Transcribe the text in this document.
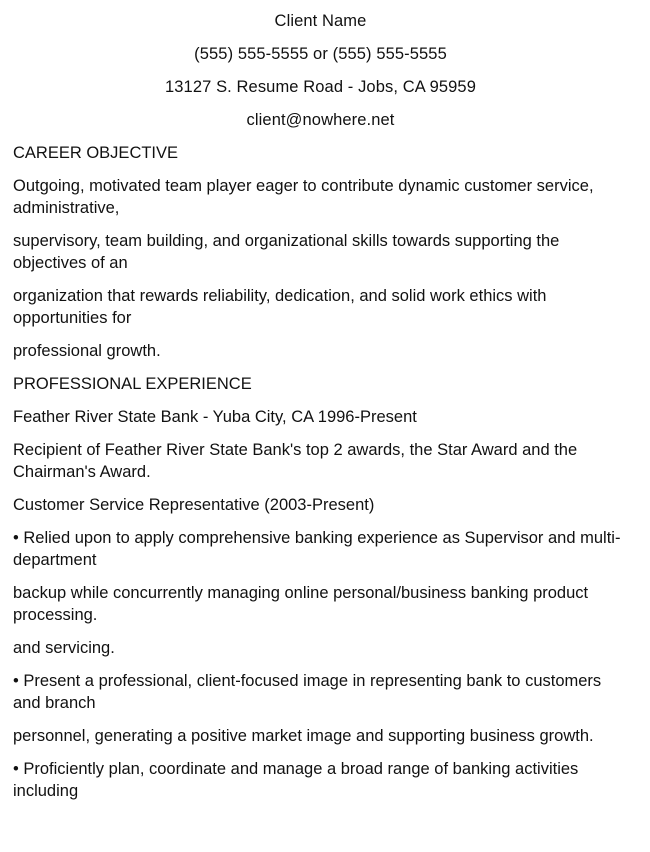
Client Name
(555) 555-5555 or (555) 555-5555
13127 S. Resume Road - Jobs, CA 95959
client@nowhere.net
CAREER OBJECTIVE
Outgoing, motivated team player eager to contribute dynamic customer service, administrative,
supervisory, team building, and organizational skills towards supporting the objectives of an
organization that rewards reliability, dedication, and solid work ethics with opportunities for
professional growth.
PROFESSIONAL EXPERIENCE
Feather River State Bank - Yuba City, CA 1996-Present
Recipient of Feather River State Bank's top 2 awards, the Star Award and the Chairman's Award.
Customer Service Representative (2003-Present)
• Relied upon to apply comprehensive banking experience as Supervisor and multi-department
backup while concurrently managing online personal/business banking product processing.
and servicing.
• Present a professional, client-focused image in representing bank to customers and branch
personnel, generating a positive market image and supporting business growth.
• Proficiently plan, coordinate and manage a broad range of banking activities including
